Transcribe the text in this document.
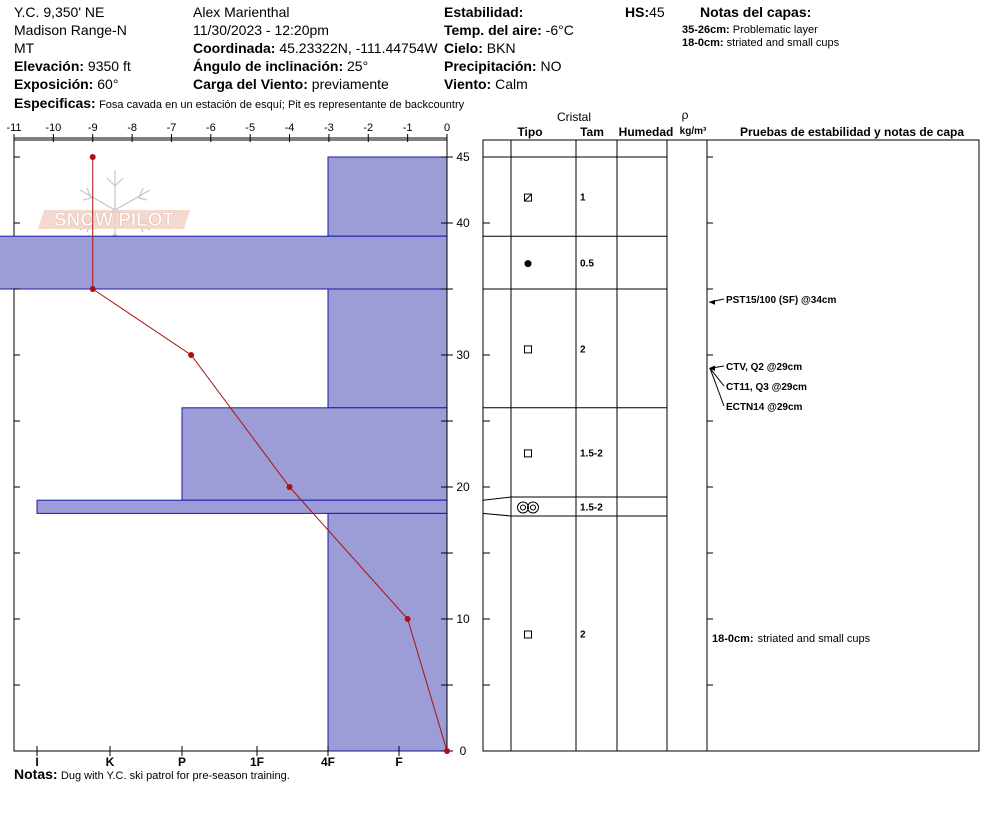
Y.C. 9,350' NE
Madison Range-N
MT
Elevación: 9350 ft
Exposición: 60°
Especificas: Fosa cavada en un estación de esquí; Pit es representante de backcountry
Alex Marienthal
11/30/2023 - 12:20pm
Coordinada: 45.23322N, -111.44754W
Ángulo de inclinación: 25°
Carga del Viento: previamente
Estabilidad:
Temp. del aire: -6°C
Cielo: BKN
Precipitación: NO
Viento: Calm
HS:45	Notas del capas:
35-26cm: Problematic layer
18-0cm: striated and small cups
Notas: Dug with Y.C. ski patrol for pre-season training.
SNOW PILOT
-11 -10 -9	-8	-7	-6	-5	-4	-3	-2	-1	0
I	K	P	1F	4F	F
0
10
20
30
40
45
Cristal
Tipo	Tam Humedad
ρ
kg/m³	Pruebas de estabilidad y notas de capa
1
0.5
2
1.5-2
1.5-2
2
PST15/100 (SF) @34cm
CTV, Q2 @29cm
CT11, Q3 @29cm
ECTN14 @29cm
18-0cm: striated and small cups
